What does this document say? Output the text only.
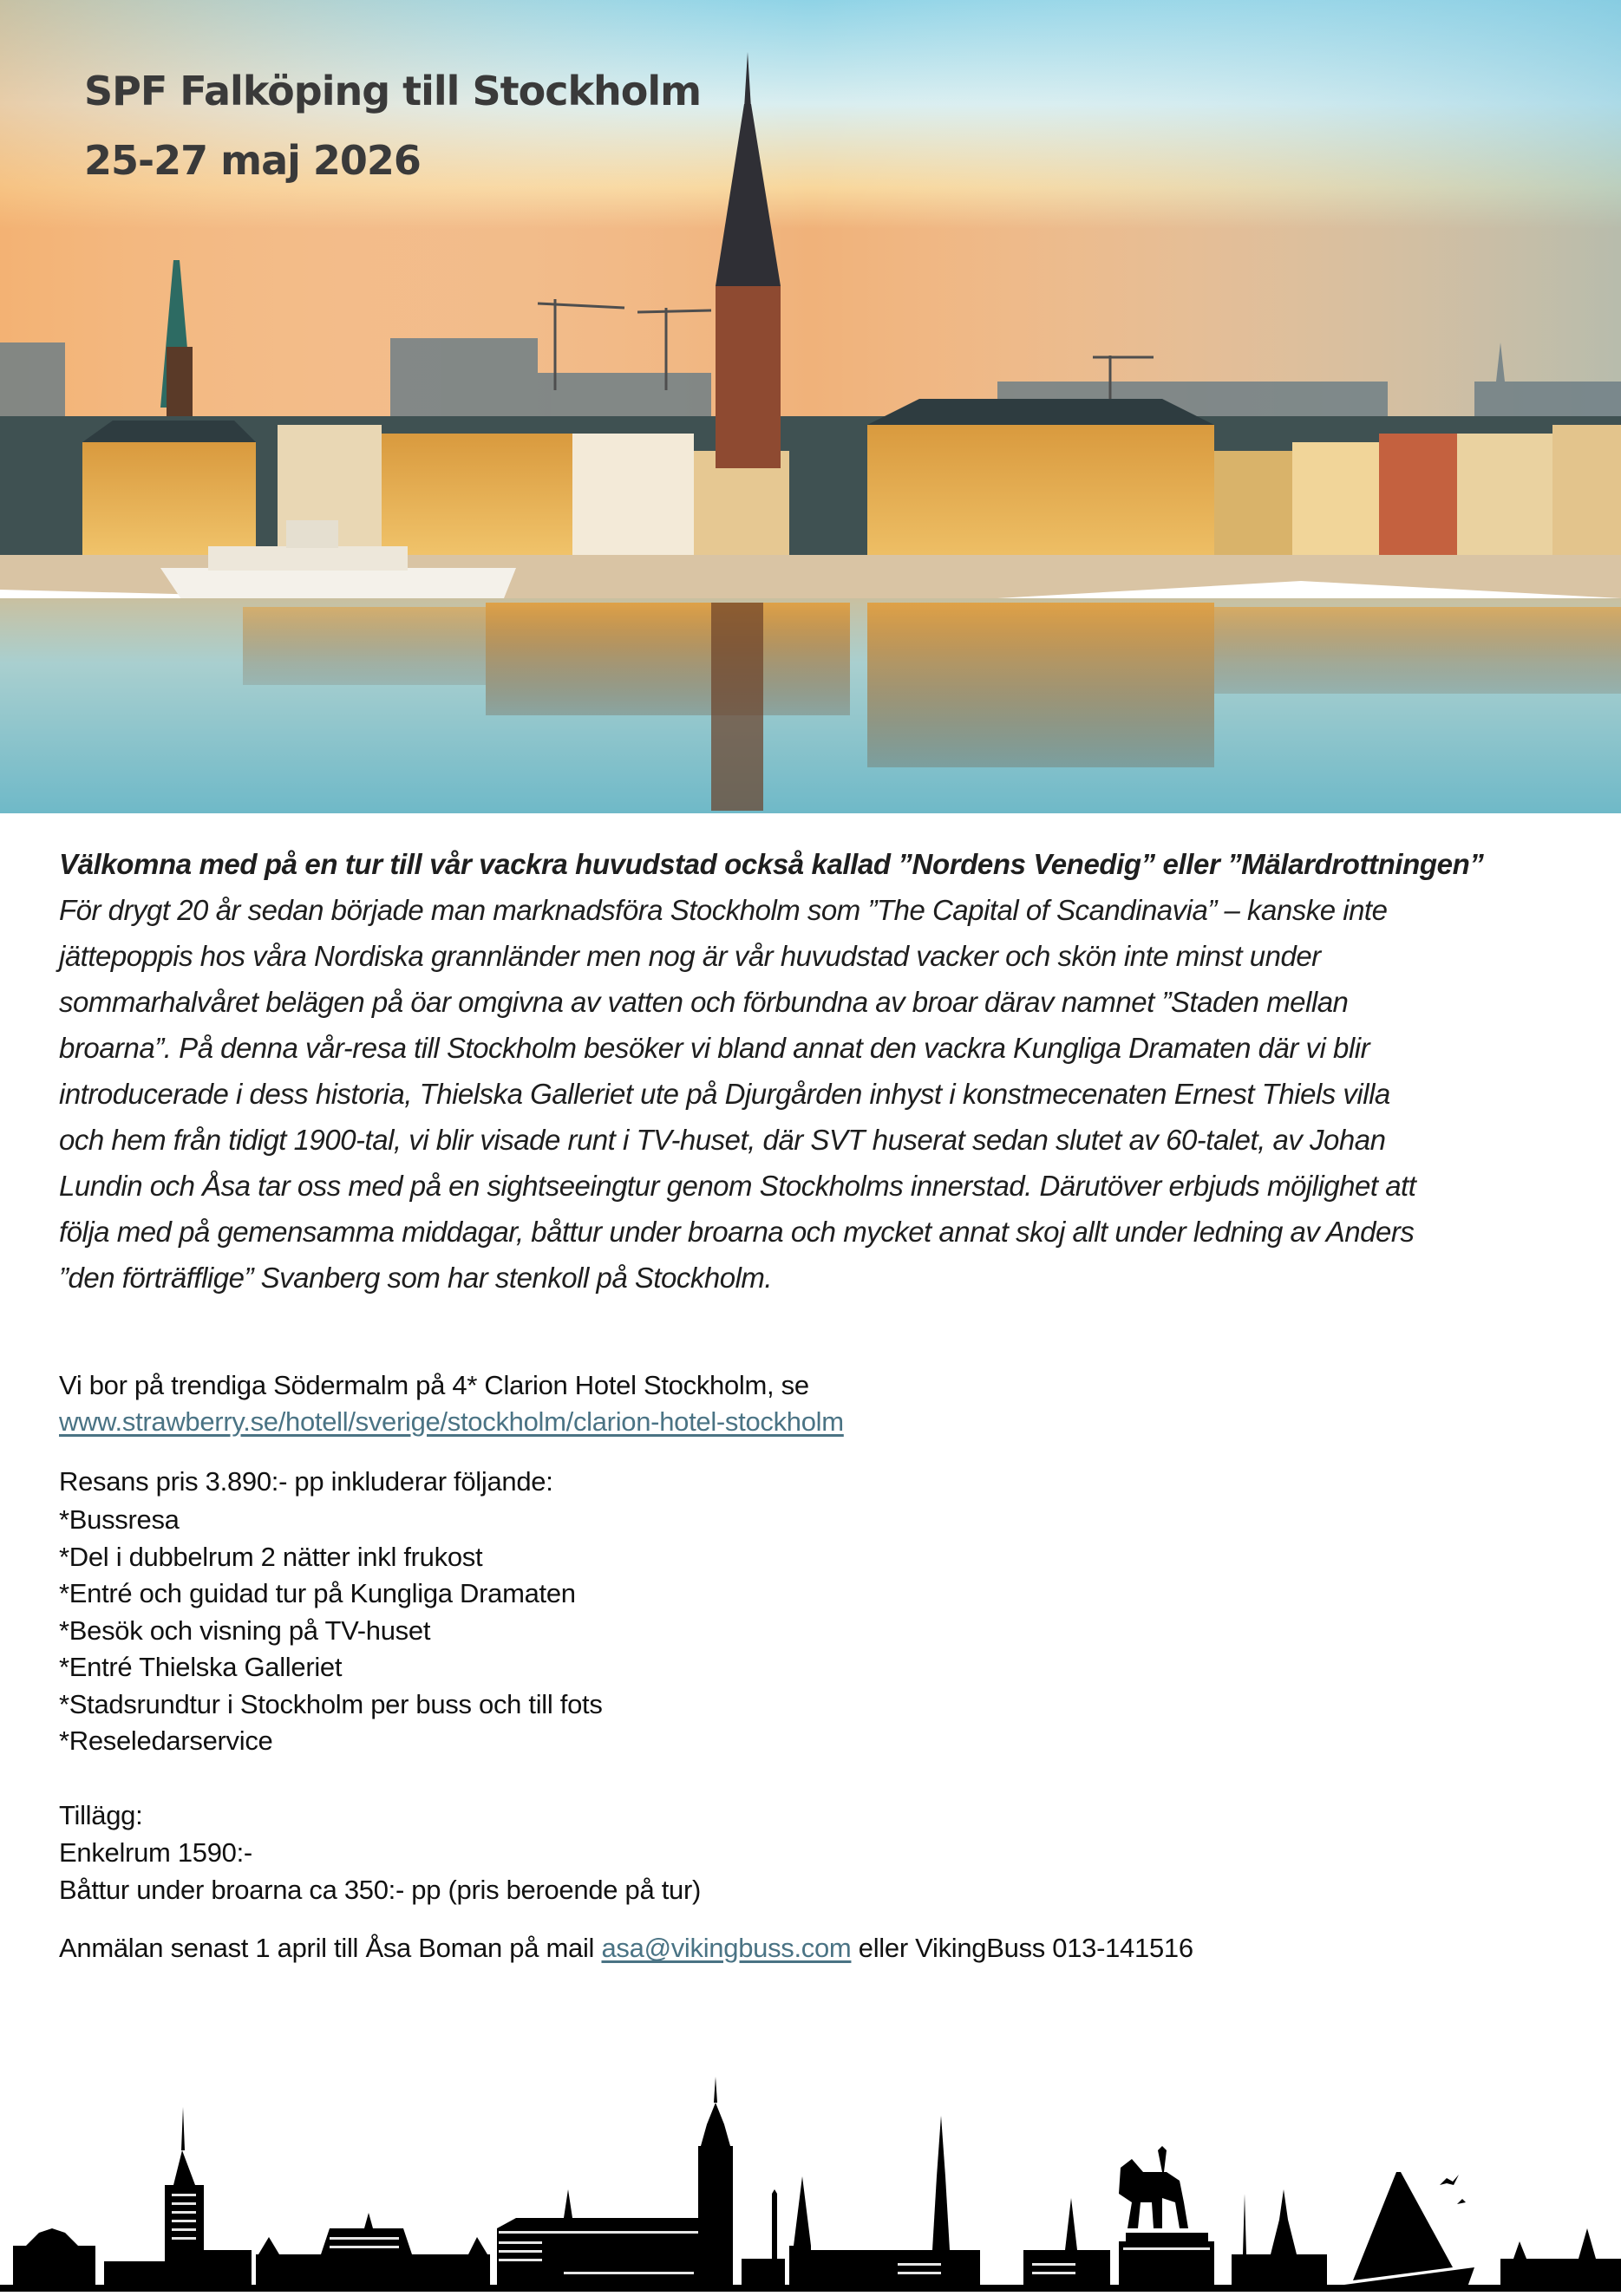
SPF Falköping till Stockholm
25-27 maj 2026
Välkomna med på en tur till vår vackra huvudstad också kallad ”Nordens Venedig” eller ”Mälardrottningen”
För drygt 20 år sedan började man marknadsföra Stockholm som ”The Capital of Scandinavia” – kanske inte
jättepoppis hos våra Nordiska grannländer men nog är vår huvudstad vacker och skön inte minst under
sommarhalvåret belägen på öar omgivna av vatten och förbundna av broar därav namnet ”Staden mellan
broarna”. På denna vår-resa till Stockholm besöker vi bland annat den vackra Kungliga Dramaten där vi blir
introducerade i dess historia, Thielska Galleriet ute på Djurgården inhyst i konstmecenaten Ernest Thiels villa
och hem från tidigt 1900-tal, vi blir visade runt i TV-huset, där SVT huserat sedan slutet av 60-talet, av Johan
Lundin och Åsa tar oss med på en sightseeingtur genom Stockholms innerstad. Därutöver erbjuds möjlighet att
följa med på gemensamma middagar, båttur under broarna och mycket annat skoj allt under ledning av Anders
”den förträfflige” Svanberg som har stenkoll på Stockholm.
Vi bor på trendiga Södermalm på 4* Clarion Hotel Stockholm, se
www.strawberry.se/hotell/sverige/stockholm/clarion-hotel-stockholm
Resans pris 3.890:- pp inkluderar följande:
*Bussresa
*Del i dubbelrum 2 nätter inkl frukost
*Entré och guidad tur på Kungliga Dramaten
*Besök och visning på TV-huset
*Entré Thielska Galleriet
*Stadsrundtur i Stockholm per buss och till fots
*Reseledarservice
Tillägg:
Enkelrum 1590:-
Båttur under broarna ca 350:- pp (pris beroende på tur)
Anmälan senast 1 april till Åsa Boman på mail asa@vikingbuss.com eller VikingBuss 013-141516
